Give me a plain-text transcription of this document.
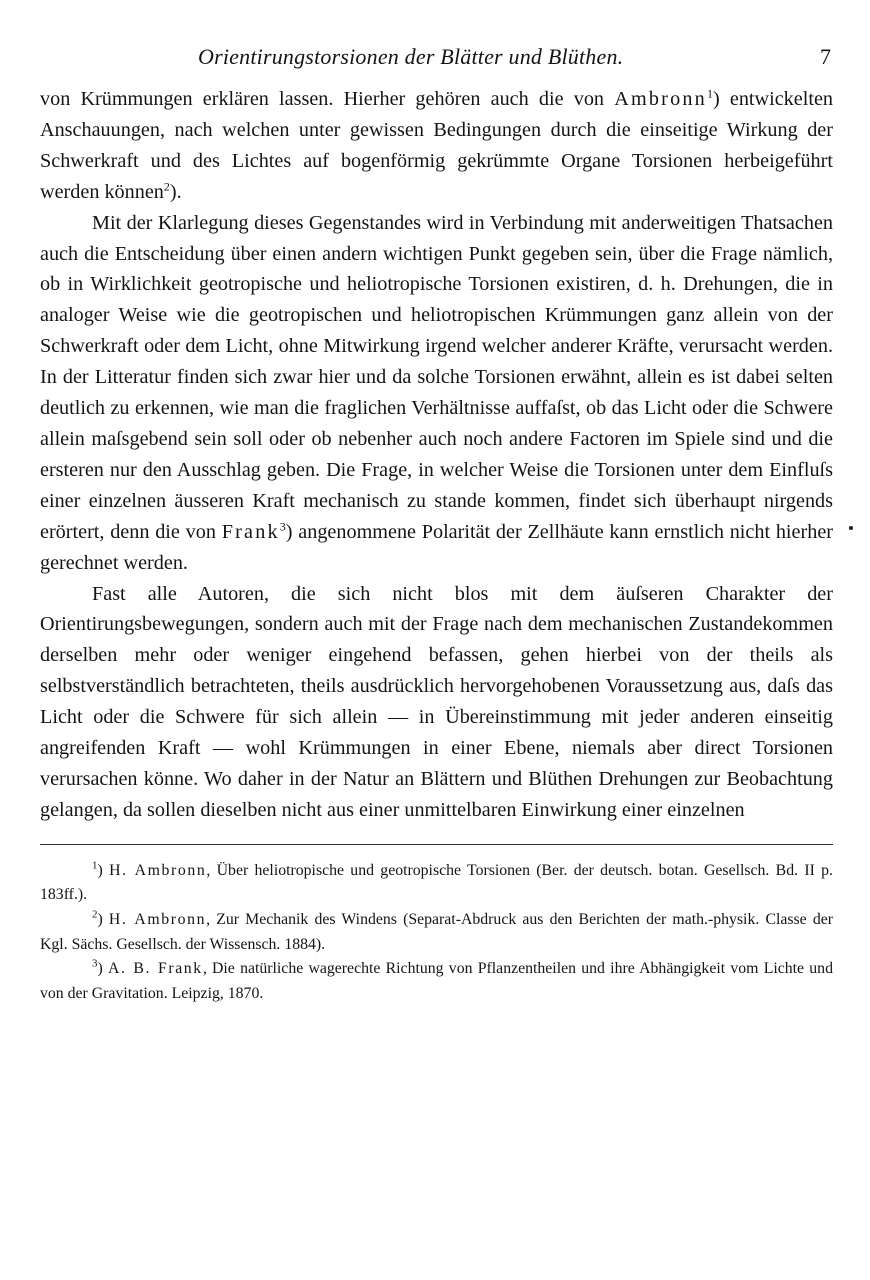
Orientirungstorsionen der Blätter und Blüthen.	7

von Krümmungen erklären lassen. Hierher gehören auch die von Ambronn$^1$) entwickelten Anschauungen, nach welchen unter gewissen Bedingungen durch die einseitige Wirkung der Schwerkraft und des Lichtes auf bogenförmig gekrümmte Organe Torsionen herbeigeführt werden können$^2$).

Mit der Klarlegung dieses Gegenstandes wird in Verbindung mit anderweitigen Thatsachen auch die Entscheidung über einen andern wichtigen Punkt gegeben sein, über die Frage nämlich, ob in Wirklichkeit geotropische und heliotropische Torsionen existiren, d. h. Drehungen, die in analoger Weise wie die geotropischen und heliotropischen Krümmungen ganz allein von der Schwerkraft oder dem Licht, ohne Mitwirkung irgend welcher anderer Kräfte, verursacht werden. In der Litteratur finden sich zwar hier und da solche Torsionen erwähnt, allein es ist dabei selten deutlich zu erkennen, wie man die fraglichen Verhältnisse auffaſst, ob das Licht oder die Schwere allein maſsgebend sein soll oder ob nebenher auch noch andere Factoren im Spiele sind und die ersteren nur den Ausschlag geben. Die Frage, in welcher Weise die Torsionen unter dem Einfluſs einer einzelnen äusseren Kraft mechanisch zu stande kommen, findet sich überhaupt nirgends erörtert, denn die von Frank$^3$) angenommene Polarität der Zellhäute kann ernstlich nicht hierher gerechnet werden.

Fast alle Autoren, die sich nicht blos mit dem äuſseren Charakter der Orientirungsbewegungen, sondern auch mit der Frage nach dem mechanischen Zustandekommen derselben mehr oder weniger eingehend befassen, gehen hierbei von der theils als selbstverständlich betrachteten, theils ausdrücklich hervorgehobenen Voraussetzung aus, daſs das Licht oder die Schwere für sich allein — in Übereinstimmung mit jeder anderen einseitig angreifenden Kraft — wohl Krümmungen in einer Ebene, niemals aber direct Torsionen verursachen könne. Wo daher in der Natur an Blättern und Blüthen Drehungen zur Beobachtung gelangen, da sollen dieselben nicht aus einer unmittelbaren Einwirkung einer einzelnen

$^1$) H. Ambronn, Über heliotropische und geotropische Torsionen (Ber. der deutsch. botan. Gesellsch. Bd. II p. 183ff.).

$^2$) H. Ambronn, Zur Mechanik des Windens (Separat-Abdruck aus den Berichten der math.-physik. Classe der Kgl. Sächs. Gesellsch. der Wissensch. 1884).

$^3$) A. B. Frank, Die natürliche wagerechte Richtung von Pflanzentheilen und ihre Abhängigkeit vom Lichte und von der Gravitation. Leipzig, 1870.
